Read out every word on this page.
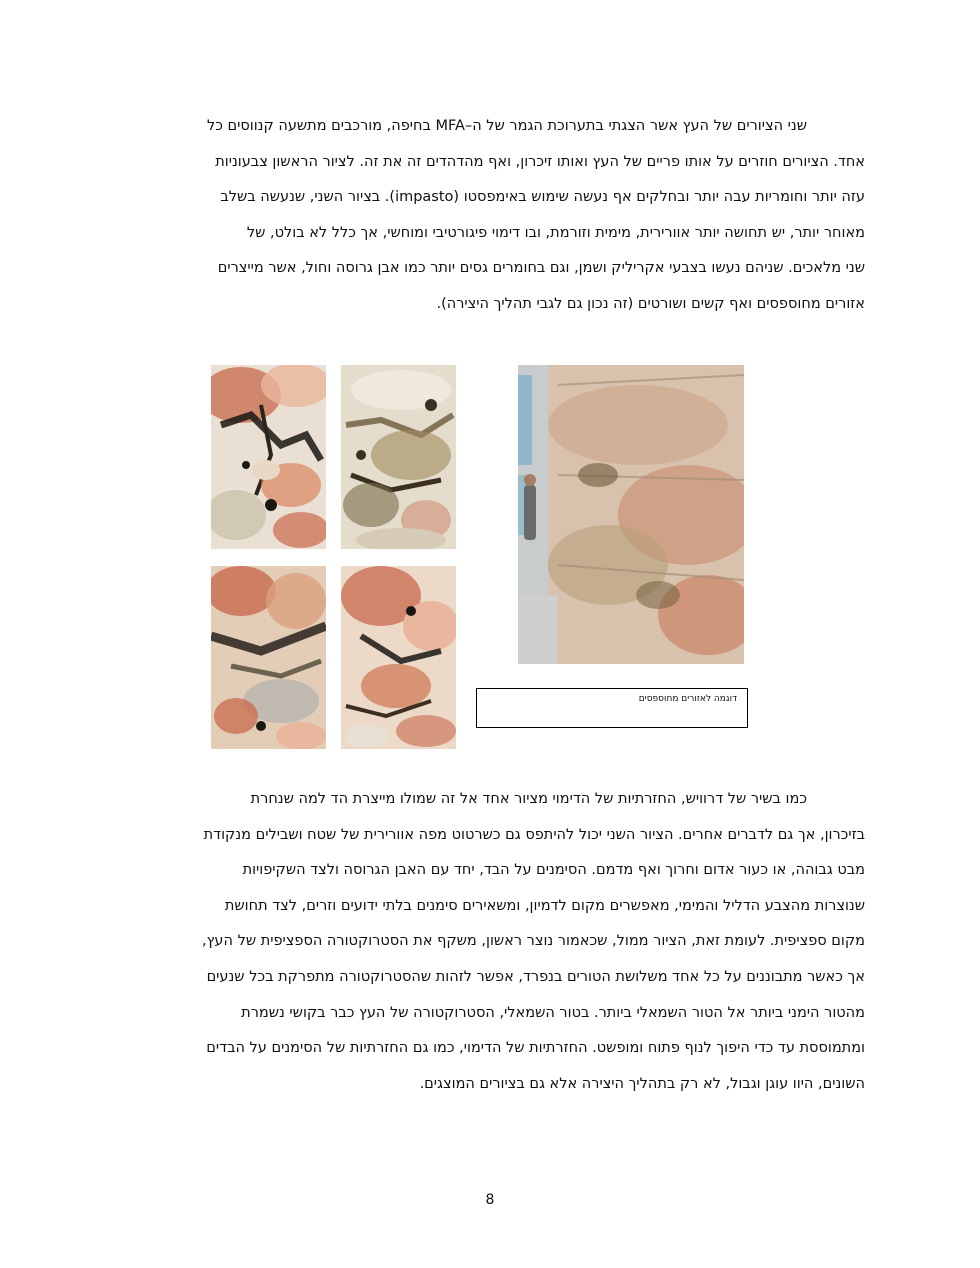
שני הציורים של העץ אשר הצגתי בתערוכת הגמר של ה–MFA בחיפה, מורכבים מתשעה קנווסים כל
אחד. הציורים חוזרים על אותו פריים של העץ ואותו זיכרון, ואף מהדהדים זה את זה. לציור הראשון צבעוניות
עזה יותר וחומריות עבה יותר ובחלקים אף נעשה שימוש באימפסטו (impasto). בציור השני, שנעשה בשלב
מאוחר יותר, יש תחושה יותר אוורירית, מימית וזורמת, ובו דימוי פיגורטיבי ומוחשי, אך כלל לא בולט, של
שני מלאכים. שניהם נעשו בצבעי אקריליק ושמן, וגם בחומרים גסים יותר כמו אבן גרוסה וחול, אשר מייצרים
אזורים מחוספסים ואף קשים ושורטים (זה נכון גם לגבי תהליך היצירה).
דוגמה לאזורים מחוספסים
כמו בשיר של דרוויש, החזרתיות של הדימוי מציור אחד אל זה שמולו מייצרת הד למה שנחרת
בזיכרון, אך גם לדברים אחרים. הציור השני יכול להיתפס גם כשרטוט מפה אוורירית של שטח ושבילים מנקודת
מבט גבוהה, או כעור אדום וחרוך ואף מדמם. הסימנים על הבד, יחד עם האבן הגרוסה ולצד השקיפויות
שנוצרות מהצבע הדליל והמימי, מאפשרים מקום לדמיון, ומשאירים סימנים בלתי ידועים וזרים, לצד תחושת
מקום ספציפית. לעומת זאת, הציור ממול, שכאמור נוצר ראשון, משקף את הסטרוקטורה הספציפית של העץ,
אך כאשר מתבוננים על כל אחד משלושת הטורים בנפרד, אפשר לזהות שהסטרוקטורה מתפרקת בכל שנעים
מהטור הימני ביותר אל הטור השמאלי ביותר. בטור השמאלי, הסטרוקטורה של העץ כבר בקושי נשמרת
ומתמוססת עד כדי היפוך לנוף פתוח ומופשט. החזרתיות של הדימוי, כמו גם החזרתיות של הסימנים על הבדים
השונים, היוו עוגן וגבול, לא רק בתהליך היצירה אלא גם בציורים המוצגים.
8
